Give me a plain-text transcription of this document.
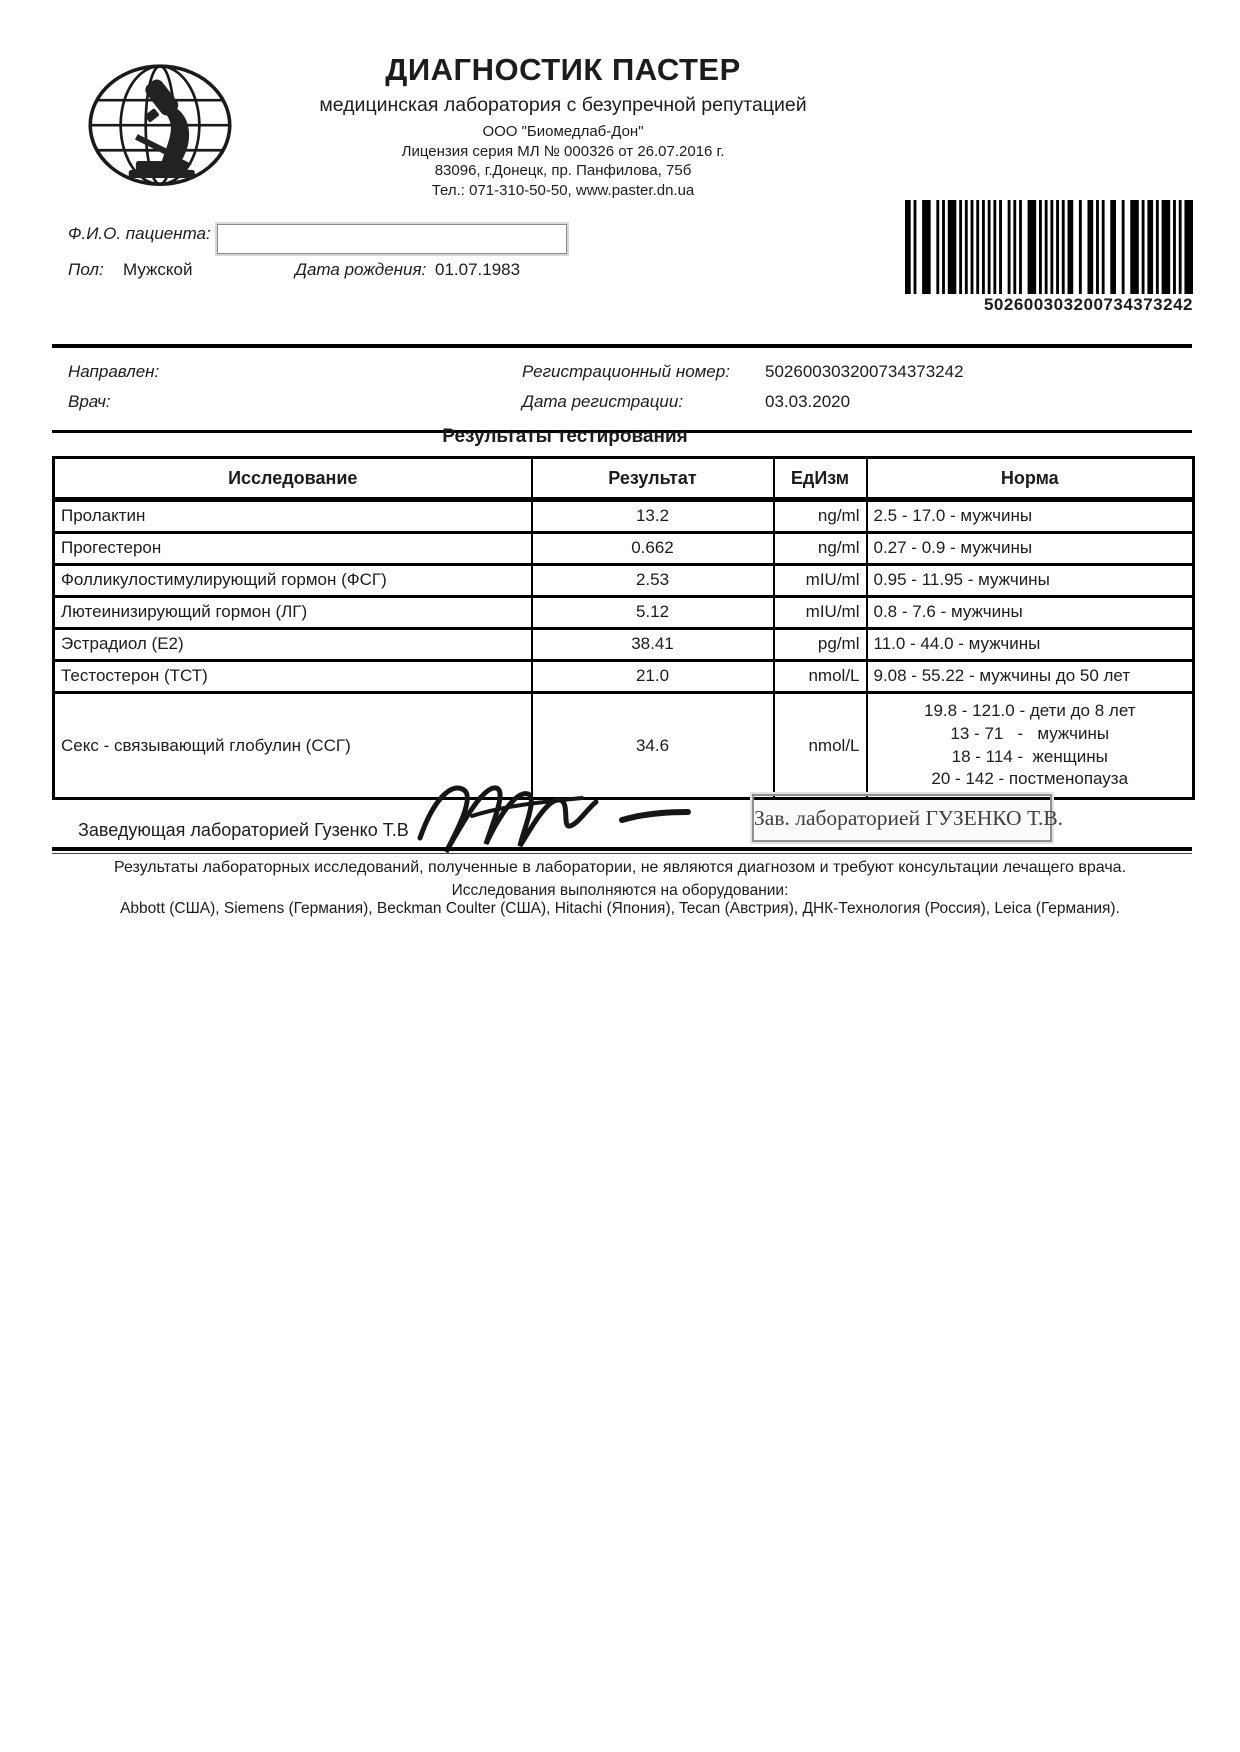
ДИАГНОСТИК ПАСТЕР
медицинская лаборатория с безупречной репутацией
ООО "Биомедлаб-Дон"
Лицензия серия МЛ № 000326 от 26.07.2016 г.
83096, г.Донецк, пр. Панфилова, 75б
Тел.: 071-310-50-50, www.paster.dn.ua
Ф.И.О. пациента:
Пол: Мужской	Дата рождения: 01.07.1983
502600303200734373242
Направлен:	Регистрационный номер: 502600303200734373242
Врач:	Дата регистрации:	03.03.2020
Результаты тестирования
Исследование	Результат	ЕдИзм	Норма
Пролактин	13.2	ng/ml	2.5 - 17.0 - мужчины

Прогестерон	0.662	ng/ml	0.27 - 0.9 - мужчины

Фолликулостимулирующий гормон (ФСГ)	2.53	mIU/ml	0.95 - 11.95 - мужчины

Лютеинизирующий гормон (ЛГ)	5.12	mIU/ml	0.8 - 7.6 - мужчины

Эстрадиол (Е2)	38.41	pg/ml	11.0 - 44.0 - мужчины

Тестостерон (ТСТ)	21.0	nmol/L	9.08 - 55.22 - мужчины до 50 лет

Секс - связывающий глобулин (ССГ)	34.6	nmol/L	19.8 - 121.0 - дети до 8 лет
13 - 71   -   мужчины
18 - 114 -  женщины
20 - 142 - постменопауза
Заведующая лабораторией Гузенко Т.В	Зав. лабораторией ГУЗЕНКО Т.В.
Результаты лабораторных исследований, полученные в лаборатории, не являются диагнозом и требуют консультации лечащего врача.
Исследования выполняются на оборудовании:
Abbott (США), Siemens (Германия), Beckman Coulter (США), Hitachi (Япония), Tecan (Австрия), ДНК-Технология (Россия), Leica (Германия).
